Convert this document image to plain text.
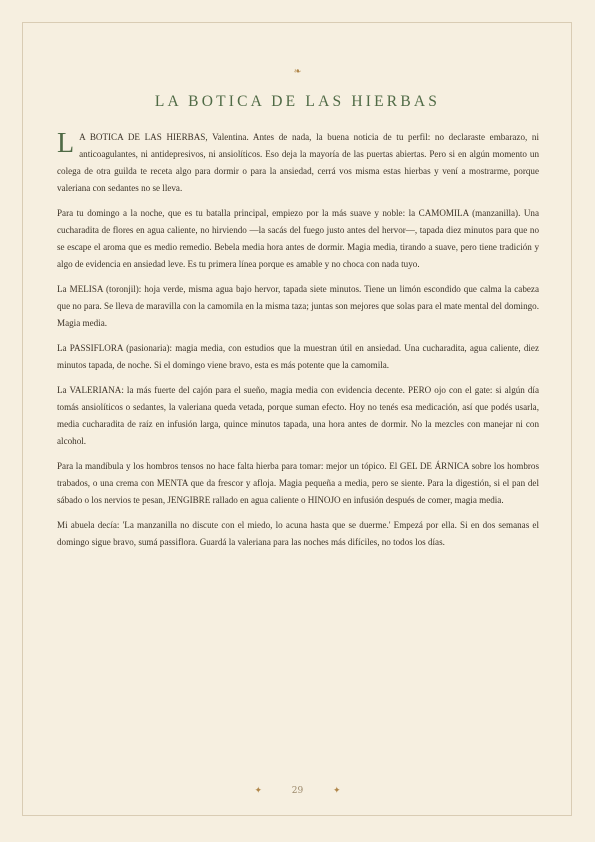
❧
LA BOTICA DE LAS HIERBAS

L A BOTICA DE LAS HIERBAS, Valentina. Antes de nada, la buena noticia de tu perfil: no declaraste embarazo, ni anticoagulantes, ni antidepresivos, ni ansiolíticos. Eso deja la mayoría de las puertas abiertas. Pero si en algún momento un colega de otra guilda te receta algo para dormir o para la ansiedad, cerrá vos misma estas hierbas y vení a mostrarme, porque valeriana con sedantes no se lleva.

Para tu domingo a la noche, que es tu batalla principal, empiezo por la más suave y noble: la CAMOMILA (manzanilla). Una cucharadita de flores en agua caliente, no hirviendo —la sacás del fuego justo antes del hervor—, tapada diez minutos para que no se escape el aroma que es medio remedio. Bebela media hora antes de dormir. Magia media, tirando a suave, pero tiene tradición y algo de evidencia en ansiedad leve. Es tu primera línea porque es amable y no choca con nada tuyo.

La MELISA (toronjil): hoja verde, misma agua bajo hervor, tapada siete minutos. Tiene un limón escondido que calma la cabeza que no para. Se lleva de maravilla con la camomila en la misma taza; juntas son mejores que solas para el mate mental del domingo. Magia media.

La PASSIFLORA (pasionaria): magia media, con estudios que la muestran útil en ansiedad. Una cucharadita, agua caliente, diez minutos tapada, de noche. Si el domingo viene bravo, esta es más potente que la camomila.

La VALERIANA: la más fuerte del cajón para el sueño, magia media con evidencia decente. PERO ojo con el gate: si algún día tomás ansiolíticos o sedantes, la valeriana queda vetada, porque suman efecto. Hoy no tenés esa medicación, así que podés usarla, media cucharadita de raíz en infusión larga, quince minutos tapada, una hora antes de dormir. No la mezcles con manejar ni con alcohol.

Para la mandíbula y los hombros tensos no hace falta hierba para tomar: mejor un tópico. El GEL DE ÁRNICA sobre los hombros trabados, o una crema con MENTA que da frescor y afloja. Magia pequeña a media, pero se siente. Para la digestión, si el pan del sábado o los nervios te pesan, JENGIBRE rallado en agua caliente o HINOJO en infusión después de comer, magia media.

Mi abuela decía: 'La manzanilla no discute con el miedo, lo acuna hasta que se duerme.' Empezá por ella. Si en dos semanas el domingo sigue bravo, sumá passiflora. Guardá la valeriana para las noches más difíciles, no todos los días.

✦	29	✦
